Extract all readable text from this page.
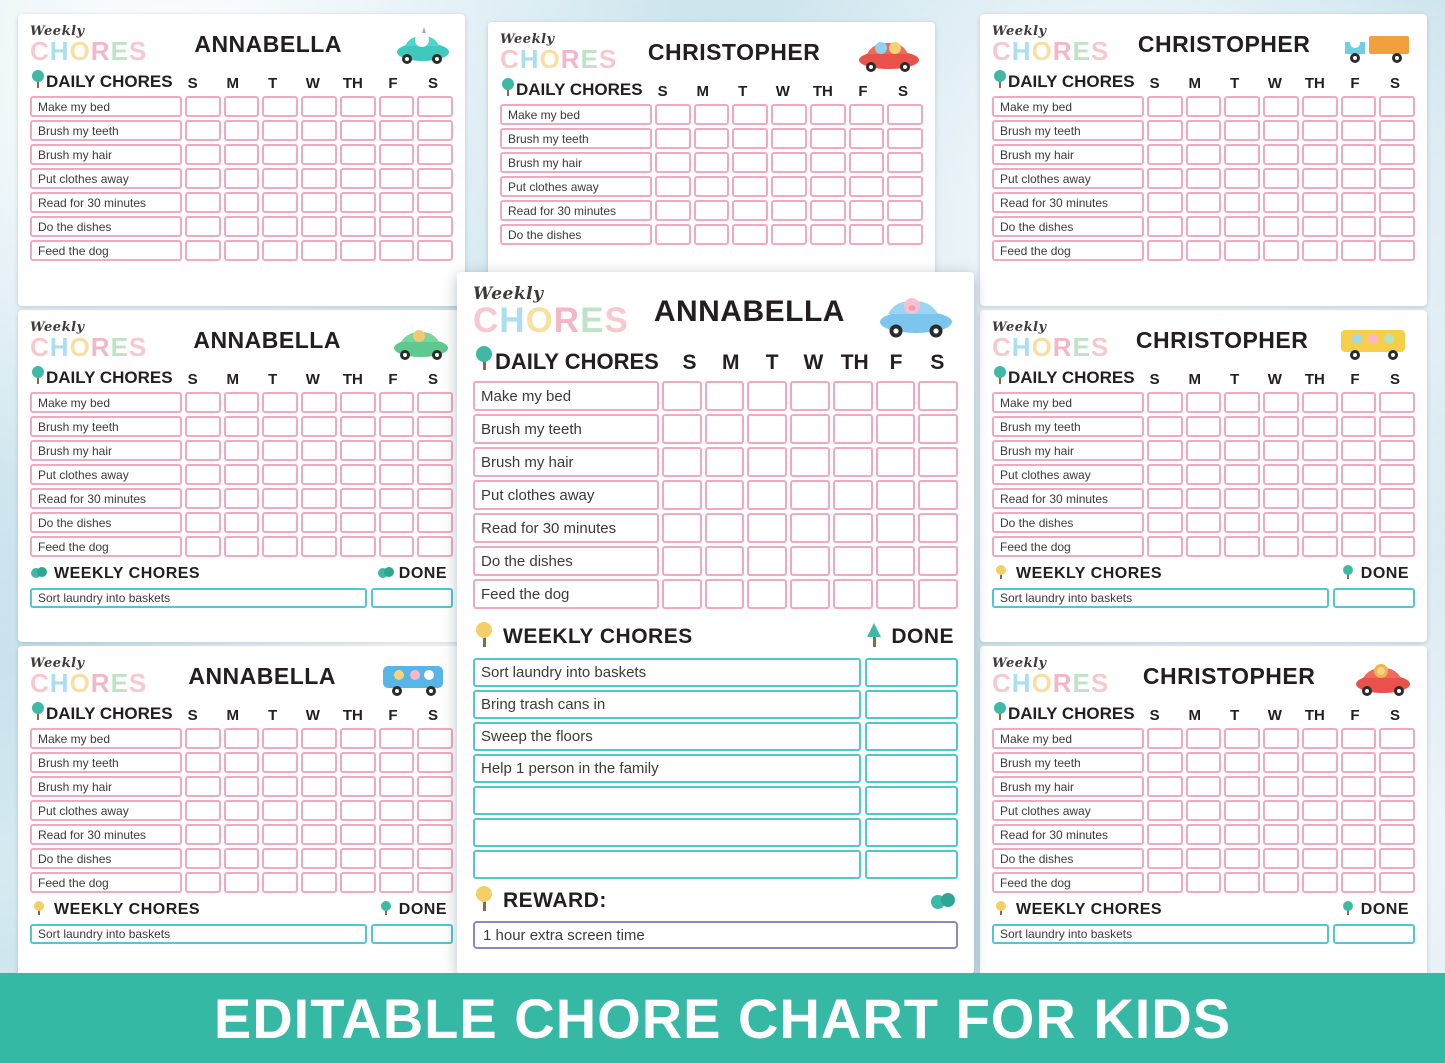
Weekly
CHORES	ANNABELLA
DAILY CHORES	S	M	T	W	TH	F	S
Make my bed
Brush my teeth
Brush my hair
Put clothes away
Read for 30 minutes
Do the dishes
Feed the dog
Weekly
CHORES	CHRISTOPHER
DAILY CHORES	S	M	T	W	TH	F	S
Make my bed
Brush my teeth
Brush my hair
Put clothes away
Read for 30 minutes
Do the dishes
Weekly
CHORES	CHRISTOPHER
DAILY CHORES	S	M	T	W	TH	F	S
Make my bed
Brush my teeth
Brush my hair
Put clothes away
Read for 30 minutes
Do the dishes
Feed the dog
Weekly
CHORES	ANNABELLA
DAILY CHORES	S	M	T	W	TH	F	S
Make my bed
Brush my teeth
Brush my hair
Put clothes away
Read for 30 minutes
Do the dishes
Feed the dog
WEEKLY CHORES	DONE
Sort laundry into baskets
Weekly
CHORES	CHRISTOPHER
DAILY CHORES	S	M	T	W	TH	F	S
Make my bed
Brush my teeth
Brush my hair
Put clothes away
Read for 30 minutes
Do the dishes
Feed the dog
WEEKLY CHORES	DONE
Sort laundry into baskets
Weekly
CHORES	ANNABELLA
DAILY CHORES	S	M	T	W	TH	F	S
Make my bed
Brush my teeth
Brush my hair
Put clothes away
Read for 30 minutes
Do the dishes
Feed the dog
WEEKLY CHORES	DONE
Sort laundry into baskets
Weekly
CHORES	CHRISTOPHER
DAILY CHORES	S	M	T	W	TH	F	S
Make my bed
Brush my teeth
Brush my hair
Put clothes away
Read for 30 minutes
Do the dishes
Feed the dog
WEEKLY CHORES	DONE
Sort laundry into baskets
Weekly
CHORES ANNABELLA
DAILY CHORES	S	M	T	W TH F	S
Make my bed
Brush my teeth
Brush my hair
Put clothes away
Read for 30 minutes
Do the dishes
Feed the dog
WEEKLY CHORES	DONE
Sort laundry into baskets
Bring trash cans in
Sweep the floors
Help 1 person in the family
REWARD:
1 hour extra screen time
EDITABLE CHORE CHART FOR KIDS
